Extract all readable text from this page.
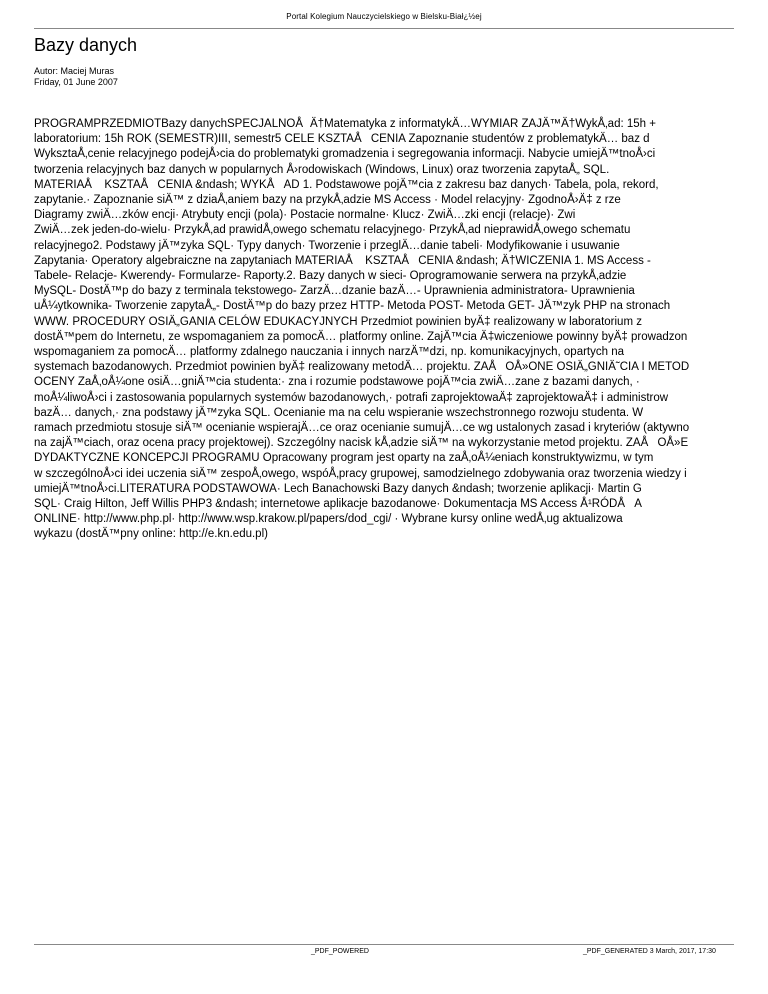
Portal Kolegium Nauczycielskiego w Bielsku-Biał¿½ej
Bazy danych
Autor: Maciej Muras
Friday, 01 June 2007
PROGRAMPRZEDMIOTBazy danychSPECJALNOÅÄ†Matematyka z informatykÄ…WYMIAR ZAJÄ™Ä†WykÅ‚ad: 15h +
laboratorium: 15h ROK (SEMESTR)III, semestr5 CELE KSZTAÅCENIA Zapoznanie studentów z problematykÄ… baz d
WyksztaÅ‚cenie relacyjnego podejÅ›cia do problematyki gromadzenia i segregowania informacji. Nabycie umiejÄ™tnoÅ›ci
tworzenia relacyjnych baz danych w popularnych Å›rodowiskach (Windows, Linux) oraz tworzenia zapytaÅ„ SQL.
MATERIAÅ KSZTAÅCENIA &ndash; WYKÅAD 1. Podstawowe pojÄ™cia z zakresu baz danych· Tabela, pola, rekord,
zapytanie.· Zapoznanie siÄ™ z dziaÅ‚aniem bazy na przykÅ‚adzie MS Access · Model relacyjny· ZgodnoÅ›Ä‡ z rze
Diagramy zwiÄ…zków encji· Atrybuty encji (pola)· Postacie normalne· Klucz· ZwiÄ…zki encji (relacje)· Zwi
ZwiÄ…zek jeden-do-wielu· PrzykÅ‚ad prawidÅ‚owego schematu relacyjnego· PrzykÅ‚ad nieprawidÅ‚owego schematu
relacyjnego2. Podstawy jÄ™zyka SQL· Typy danych· Tworzenie i przeglÄ…danie tabeli· Modyfikowanie i usuwanie
Zapytania· Operatory algebraiczne na zapytaniach MATERIAÅ KSZTAÅCENIA &ndash; Ä†WICZENIA 1. MS Access -
Tabele- Relacje- Kwerendy- Formularze- Raporty.2. Bazy danych w sieci- Oprogramowanie serwera na przykÅ‚adzie
MySQL- DostÄ™p do bazy z terminala tekstowego- ZarzÄ…dzanie bazÄ…- Uprawnienia administratora- Uprawnienia
uÅ¼ytkownika- Tworzenie zapytaÅ„- DostÄ™p do bazy przez HTTP- Metoda POST- Metoda GET- JÄ™zyk PHP na stronach
WWW. PROCEDURY OSIÄ„GANIA CELÓW EDUKACYJNYCH Przedmiot powinien byÄ‡ realizowany w laboratorium z
dostÄ™pem do Internetu, ze wspomaganiem za pomocÄ… platformy online. ZajÄ™cia Ä‡wiczeniowe powinny byÄ‡ prowadzon
wspomaganiem za pomocÄ… platformy zdalnego nauczania i innych narzÄ™dzi, np. komunikacyjnych, opartych na
systemach bazodanowych. Przedmiot powinien byÄ‡ realizowany metodÄ… projektu. ZAÅOÅ»ONE OSIÄ„GNIÄ˜CIA I METOD
OCENY ZaÅ‚oÅ¼one osiÄ…gniÄ™cia studenta:· zna i rozumie podstawowe pojÄ™cia zwiÄ…zane z bazami danych, ·
moÅ¼liwoÅ›ci i zastosowania popularnych systemów bazodanowych,· potrafi zaprojektowaÄ‡ zaprojektowaÄ‡ i administrow
bazÄ… danych,· zna podstawy jÄ™zyka SQL. Ocenianie ma na celu wspieranie wszechstronnego rozwoju studenta. W
ramach przedmiotu stosuje siÄ™ ocenianie wspierajÄ…ce oraz ocenianie sumujÄ…ce wg ustalonych zasad i kryteriów (aktywno
na zajÄ™ciach, oraz ocena pracy projektowej). Szczególny nacisk kÅ‚adzie siÄ™ na wykorzystanie metod projektu. ZAÅOÅ»E
DYDAKTYCZNE KONCEPCJI PROGRAMU Opracowany program jest oparty na zaÅ‚oÅ¼eniach konstruktywizmu, w tym
w szczególnoÅ›ci idei uczenia siÄ™ zespoÅ‚owego, wspóÅ‚pracy grupowej, samodzielnego zdobywania oraz tworzenia wiedzy i
umiejÄ™tnoÅ›ci.LITERATURA PODSTAWOWA· Lech Banachowski Bazy danych &ndash; tworzenie aplikacji· Martin G
SQL· Craig Hilton, Jeff Willis PHP3 &ndash; internetowe aplikacje bazodanowe· Dokumentacja MS Access Å¹RÓDÅA
ONLINE· http://www.php.pl· http://www.wsp.krakow.pl/papers/dod_cgi/ · Wybrane kursy online wedÅ‚ug aktualizowa
wykazu (dostÄ™pny online: http://e.kn.edu.pl)
_PDF_POWERED	_PDF_GENERATED 3 March, 2017, 17:30
